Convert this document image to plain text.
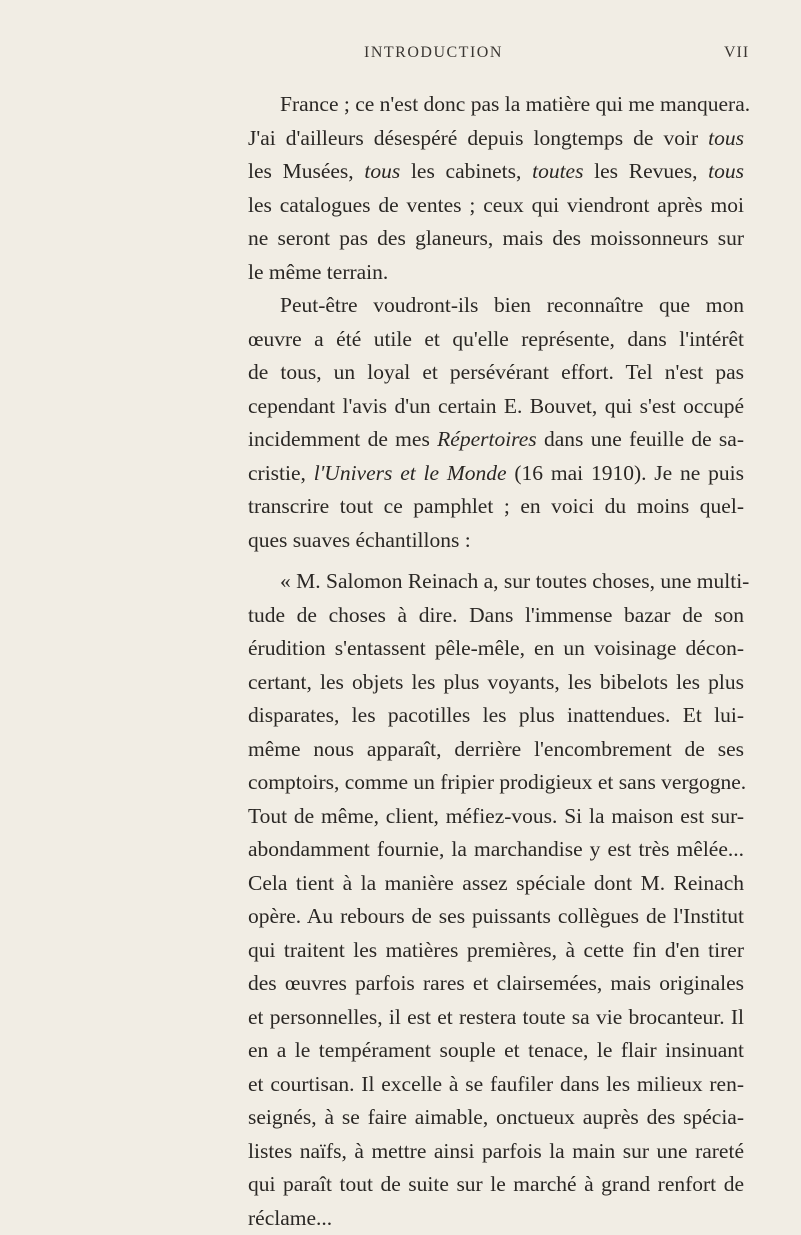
INTRODUCTION	VII
France ; ce n'est donc pas la matière qui me manquera.
J'ai d'ailleurs désespéré depuis longtemps de voir tous
les Musées, tous les cabinets, toutes les Revues, tous
les catalogues de ventes ; ceux qui viendront après moi
ne seront pas des glaneurs, mais des moissonneurs sur
le même terrain.
Peut-être voudront-ils bien reconnaître que mon
œuvre a été utile et qu'elle représente, dans l'intérêt
de tous, un loyal et persévérant effort. Tel n'est pas
cependant l'avis d'un certain E. Bouvet, qui s'est occupé
incidemment de mes Répertoires dans une feuille de sa-
cristie, l'Univers et le Monde (16 mai 1910). Je ne puis
transcrire tout ce pamphlet ; en voici du moins quel-
ques suaves échantillons :
« M. Salomon Reinach a, sur toutes choses, une multi-
tude de choses à dire. Dans l'immense bazar de son
érudition s'entassent pêle-mêle, en un voisinage décon-
certant, les objets les plus voyants, les bibelots les plus
disparates, les pacotilles les plus inattendues. Et lui-
même nous apparaît, derrière l'encombrement de ses
comptoirs, comme un fripier prodigieux et sans vergogne.
Tout de même, client, méfiez-vous. Si la maison est sur-
abondamment fournie, la marchandise y est très mêlée...
Cela tient à la manière assez spéciale dont M. Reinach
opère. Au rebours de ses puissants collègues de l'Institut
qui traitent les matières premières, à cette fin d'en tirer
des œuvres parfois rares et clairsemées, mais originales
et personnelles, il est et restera toute sa vie brocanteur. Il
en a le tempérament souple et tenace, le flair insinuant
et courtisan. Il excelle à se faufiler dans les milieux ren-
seignés, à se faire aimable, onctueux auprès des spécia-
listes naïfs, à mettre ainsi parfois la main sur une rareté
qui paraît tout de suite sur le marché à grand renfort de
réclame...
